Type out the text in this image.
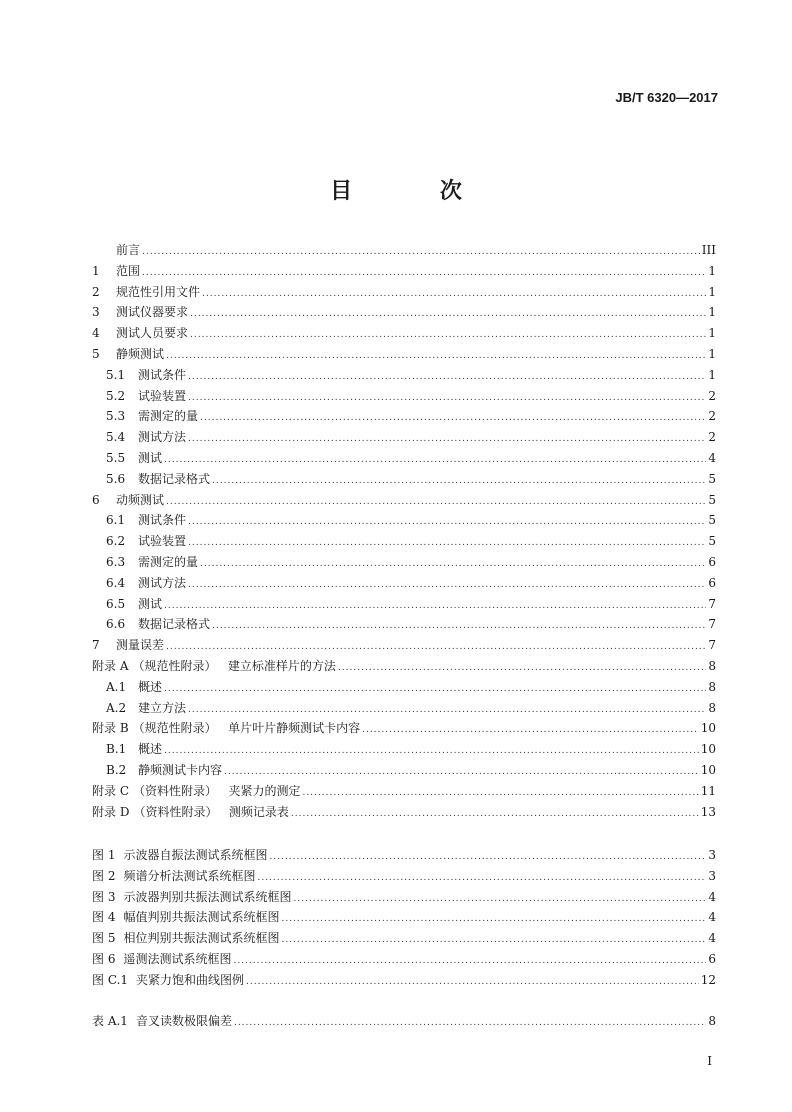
JB/T 6320—2017
目 次
前言 .....	III
1	范围 .....	1
2	规范性引用文件 .....	1
3	测试仪器要求 .....	1
4	测试人员要求 .....	1
5	静频测试 .....	1
5.1	测试条件 .....	1
5.2	试验装置 .....	2
5.3	需测定的量 .....	2
5.4	测试方法 .....	2
5.5	测试 .....	4
5.6	数据记录格式 .....	5
6	动频测试 .....	5
6.1	测试条件 .....	5
6.2	试验装置 .....	5
6.3	需测定的量 .....	6
6.4	测试方法 .....	6
6.5	测试 .....	7
6.6	数据记录格式 .....	7
7	测量误差 .....	7
附录 A （规范性附录）   建立标准样片的方法 .....	8
A.1 概述 .....	8
A.2 建立方法 .....	8
附录 B （规范性附录）   单片叶片静频测试卡内容 .....	10
B.1 概述 .....	10
B.2 静频测试卡内容 .....	10
附录 C （资料性附录）   夹紧力的测定 .....	11
附录 D （资料性附录）   测频记录表 .....	13
图 1 示波器自振法测试系统框图 .....	3
图 2 频谱分析法测试系统框图 .....	3
图 3 示波器判别共振法测试系统框图 .....	4
图 4 幅值判别共振法测试系统框图 .....	4
图 5 相位判别共振法测试系统框图 .....	4
图 6 遥测法测试系统框图 .....	6
图 C.1 夹紧力饱和曲线图例 .....	12
表 A.1 音叉读数极限偏差 .....	8
I
